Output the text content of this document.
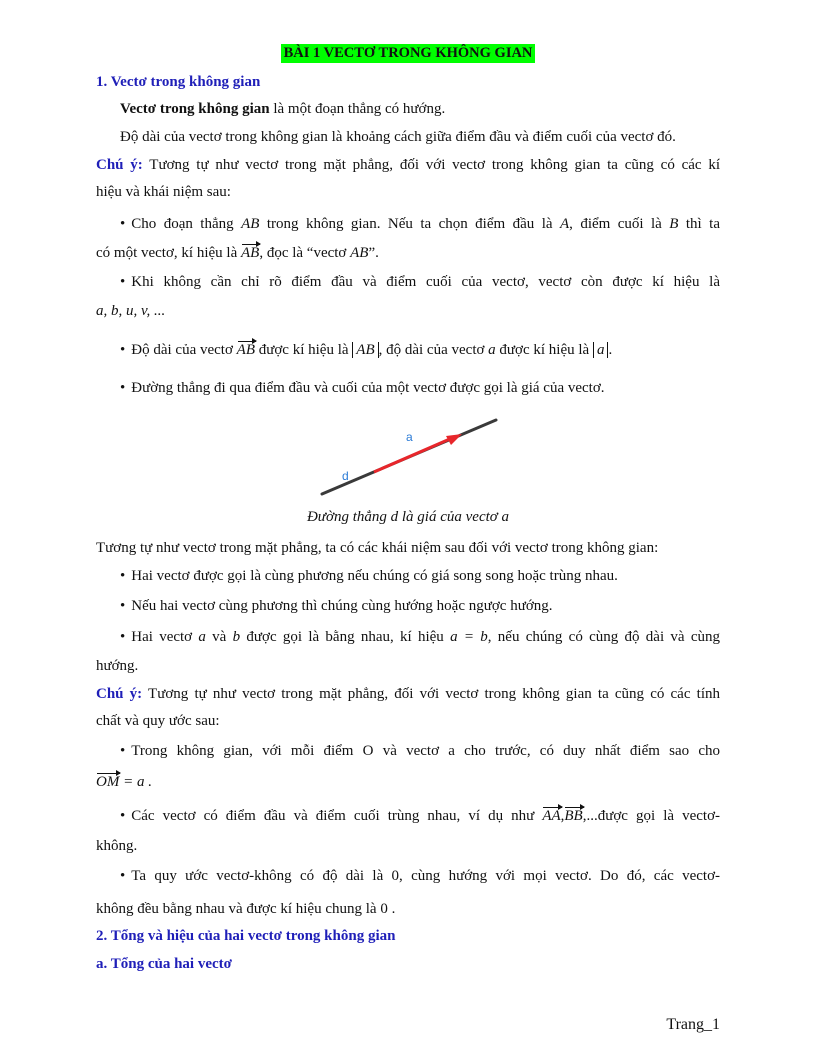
BÀI 1 VECTƠ TRONG KHÔNG GIAN
1. Vectơ trong không gian
Vectơ trong không gian là một đoạn thẳng có hướng.
Độ dài của vectơ trong không gian là khoảng cách giữa điểm đầu và điểm cuối của vectơ đó.
Chú ý: Tương tự như vectơ trong mặt phẳng, đối với vectơ trong không gian ta cũng có các kí
hiệu và khái niệm sau:
• Cho đoạn thẳng AB trong không gian. Nếu ta chọn điểm đầu là A, điểm cuối là B thì ta
có một vectơ, kí hiệu là AB, đọc là “vectơ AB”.
• Khi không cần chỉ rõ điểm đầu và điểm cuối của vectơ, vectơ còn được kí hiệu là
a, b, u, v, ...
• Độ dài của vectơ AB được kí hiệu là AB , độ dài của vectơ a được kí hiệu là a .
• Đường thẳng đi qua điểm đầu và cuối của một vectơ được gọi là giá của vectơ.
a
d
Đường thẳng d là giá của vectơ a
Tương tự như vectơ trong mặt phẳng, ta có các khái niệm sau đối với vectơ trong không gian:
• Hai vectơ được gọi là cùng phương nếu chúng có giá song song hoặc trùng nhau.
• Nếu hai vectơ cùng phương thì chúng cùng hướng hoặc ngược hướng.
• Hai vectơ a và b được gọi là bằng nhau, kí hiệu a = b, nếu chúng có cùng độ dài và cùng
hướng.
Chú ý: Tương tự như vectơ trong mặt phẳng, đối với vectơ trong không gian ta cũng có các tính
chất và quy ước sau:
• Trong không gian, với mỗi điểm O và vectơ a cho trước, có duy nhất điểm sao cho
OM = a .
• Các vectơ có điểm đầu và điểm cuối trùng nhau, ví dụ như AA,BB,...được gọi là vectơ-
không.
• Ta quy ước vectơ-không có độ dài là 0, cùng hướng với mọi vectơ. Do đó, các vectơ-
không đều bằng nhau và được kí hiệu chung là 0 .
2. Tổng và hiệu của hai vectơ trong không gian
a. Tổng của hai vectơ
Trang_1
